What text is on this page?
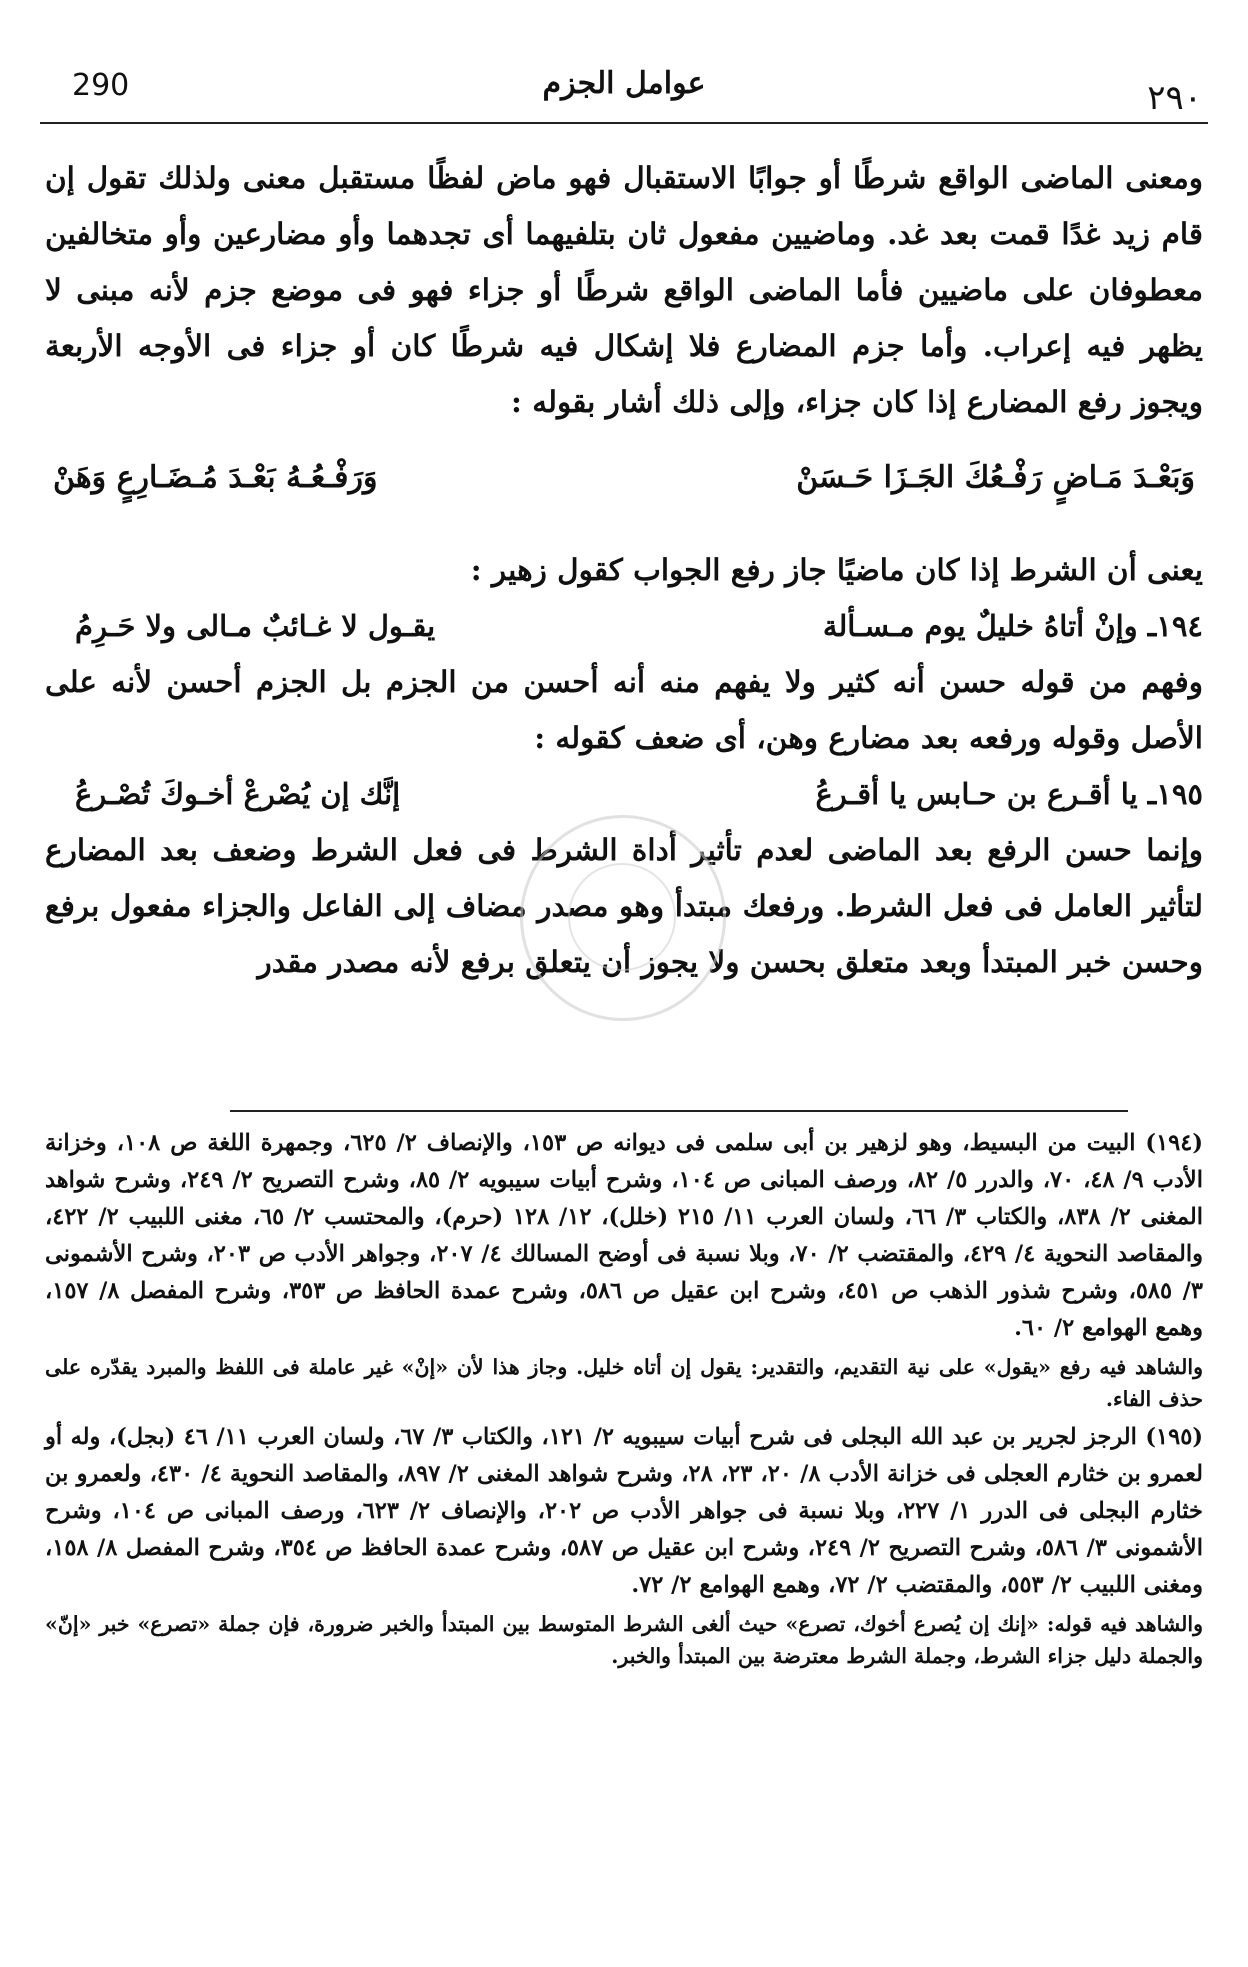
290	عوامل الجزم	٢٩٠

ومعنى الماضى الواقع شرطًا أو جوابًا الاستقبال فهو ماض لفظًا مستقبل معنى ولذلك تقول إن قام زيد غدًا قمت بعد غد. وماضيين مفعول ثان بتلفيهما أى تجدهما وأو مضارعين وأو متخالفين معطوفان على ماضيين فأما الماضى الواقع شرطًا أو جزاء فهو فى موضع جزم لأنه مبنى لا يظهر فيه إعراب. وأما جزم المضارع فلا إشكال فيه شرطًا كان أو جزاء فى الأوجه الأربعة ويجوز رفع المضارع إذا كان جزاء، وإلى ذلك أشار بقوله :

وَبَعْـدَ مَـاضٍ رَفْـعُكَ الجَـزَا حَـسَنْ
وَرَفْـعُـهُ بَعْـدَ مُـضَـارِعٍ وَهَنْ

يعنى أن الشرط إذا كان ماضيًا جاز رفع الجواب كقول زهير :

١٩٤ـ وإنْ أتاهُ خليلٌ يوم مـسـألة
يقـول لا غـائبٌ مـالى ولا حَـرِمُ

وفهم من قوله حسن أنه كثير ولا يفهم منه أنه أحسن من الجزم بل الجزم أحسن لأنه على الأصل وقوله ورفعه بعد مضارع وهن، أى ضعف كقوله :

١٩٥ـ يا أقـرع بن حـابس يا أقـرعُ
إنَّك إن يُصْرعْ أخـوكَ تُصْـرعُ

وإنما حسن الرفع بعد الماضى لعدم تأثير أداة الشرط فى فعل الشرط وضعف بعد المضارع لتأثير العامل فى فعل الشرط. ورفعك مبتدأ وهو مصدر مضاف إلى الفاعل والجزاء مفعول برفع وحسن خبر المبتدأ وبعد متعلق بحسن ولا يجوز أن يتعلق برفع لأنه مصدر مقدر

(١٩٤) البيت من البسيط، وهو لزهير بن أبى سلمى فى ديوانه ص ١٥٣، والإنصاف ٢/ ٦٢٥، وجمهرة اللغة ص ١٠٨، وخزانة الأدب ٩/ ٤٨، ٧٠، والدرر ٥/ ٨٢، ورصف المبانى ص ١٠٤، وشرح أبيات سيبويه ٢/ ٨٥، وشرح التصريح ٢/ ٢٤٩، وشرح شواهد المغنى ٢/ ٨٣٨، والكتاب ٣/ ٦٦، ولسان العرب ١١/ ٢١٥ (خلل)، ١٢/ ١٢٨ (حرم)، والمحتسب ٢/ ٦٥، مغنى اللبيب ٢/ ٤٢٢، والمقاصد النحوية ٤/ ٤٢٩، والمقتضب ٢/ ٧٠، وبلا نسبة فى أوضح المسالك ٤/ ٢٠٧، وجواهر الأدب ص ٢٠٣، وشرح الأشمونى ٣/ ٥٨٥، وشرح شذور الذهب ص ٤٥١، وشرح ابن عقيل ص ٥٨٦، وشرح عمدة الحافظ ص ٣٥٣، وشرح المفصل ٨/ ١٥٧، وهمع الهوامع ٢/ ٦٠.

والشاهد فيه رفع «يقول» على نية التقديم، والتقدير: يقول إن أتاه خليل. وجاز هذا لأن «إنْ» غير عاملة فى اللفظ والمبرد يقدّره على حذف الفاء.

(١٩٥) الرجز لجرير بن عبد الله البجلى فى شرح أبيات سيبويه ٢/ ١٢١، والكتاب ٣/ ٦٧، ولسان العرب ١١/ ٤٦ (بجل)، وله أو لعمرو بن خثارم العجلى فى خزانة الأدب ٨/ ٢٠، ٢٣، ٢٨، وشرح شواهد المغنى ٢/ ٨٩٧، والمقاصد النحوية ٤/ ٤٣٠، ولعمرو بن خثارم البجلى فى الدرر ١/ ٢٢٧، وبلا نسبة فى جواهر الأدب ص ٢٠٢، والإنصاف ٢/ ٦٢٣، ورصف المبانى ص ١٠٤، وشرح الأشمونى ٣/ ٥٨٦، وشرح التصريح ٢/ ٢٤٩، وشرح ابن عقيل ص ٥٨٧، وشرح عمدة الحافظ ص ٣٥٤، وشرح المفصل ٨/ ١٥٨، ومغنى اللبيب ٢/ ٥٥٣، والمقتضب ٢/ ٧٢، وهمع الهوامع ٢/ ٧٢.

والشاهد فيه قوله: «إنك إن يُصرع أخوك، تصرع» حيث ألغى الشرط المتوسط بين المبتدأ والخبر ضرورة، فإن جملة «تصرع» خبر «إنّ» والجملة دليل جزاء الشرط، وجملة الشرط معترضة بين المبتدأ والخبر.
